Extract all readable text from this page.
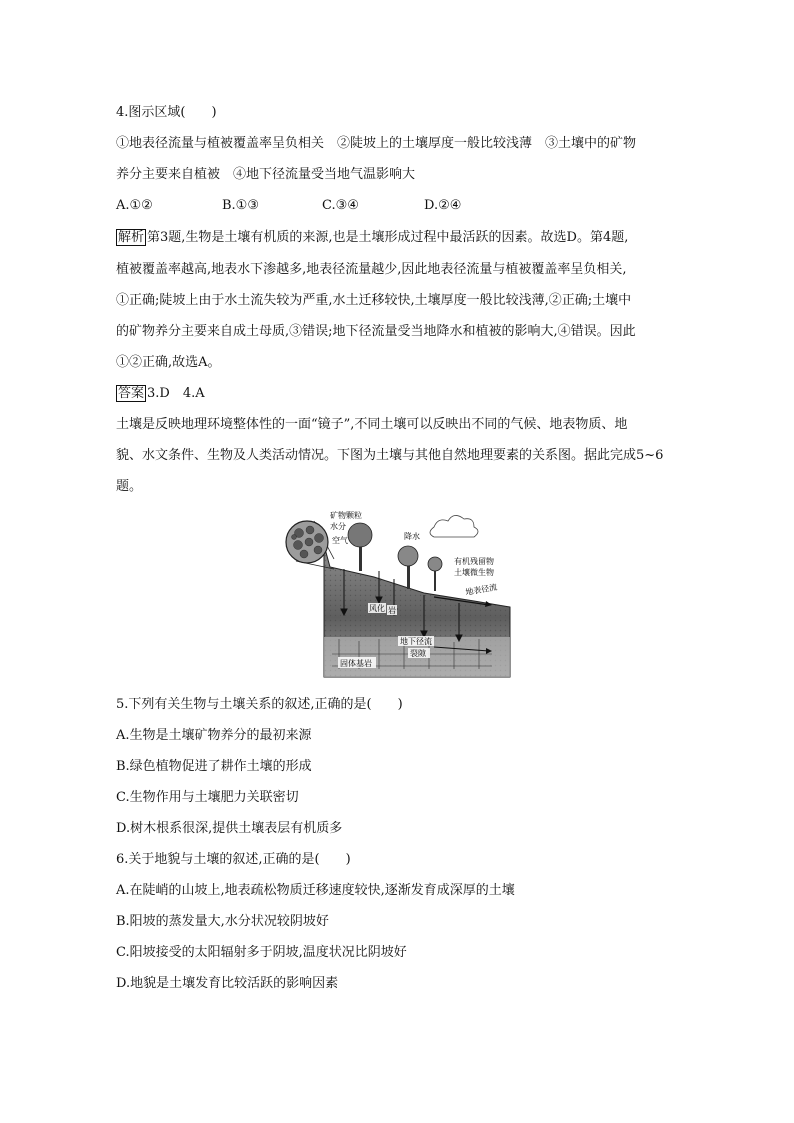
4.图示区域(　　)
①地表径流量与植被覆盖率呈负相关　②陡坡上的土壤厚度一般比较浅薄　③土壤中的矿物
养分主要来自植被　④地下径流量受当地气温影响大
A.①②	B.①③	C.③④	D.②④
解析 第3题,生物是土壤有机质的来源,也是土壤形成过程中最活跃的因素。故选D。第4题,
植被覆盖率越高,地表水下渗越多,地表径流量越少,因此地表径流量与植被覆盖率呈负相关,
①正确;陡坡上由于水土流失较为严重,水土迁移较快,土壤厚度一般比较浅薄,②正确;土壤中
的矿物养分主要来自成土母质,③错误;地下径流量受当地降水和植被的影响大,④错误。因此
①②正确,故选A。
答案 3.D　4.A
土壤是反映地理环境整体性的一面“镜子”,不同土壤可以反映出不同的气候、地表物质、地
貌、水文条件、生物及人类活动情况。下图为土壤与其他自然地理要素的关系图。据此完成5~6
题。
矿物颗粒
水分
空气	降水
有机残留物
土壤微生物
地表径流
风化 岩
地下径流
裂隙
固体基岩
5.下列有关生物与土壤关系的叙述,正确的是(　　)
A.生物是土壤矿物养分的最初来源
B.绿色植物促进了耕作土壤的形成
C.生物作用与土壤肥力关联密切
D.树木根系很深,提供土壤表层有机质多
6.关于地貌与土壤的叙述,正确的是(　　)
A.在陡峭的山坡上,地表疏松物质迁移速度较快,逐渐发育成深厚的土壤
B.阳坡的蒸发量大,水分状况较阴坡好
C.阳坡接受的太阳辐射多于阴坡,温度状况比阴坡好
D.地貌是土壤发育比较活跃的影响因素
